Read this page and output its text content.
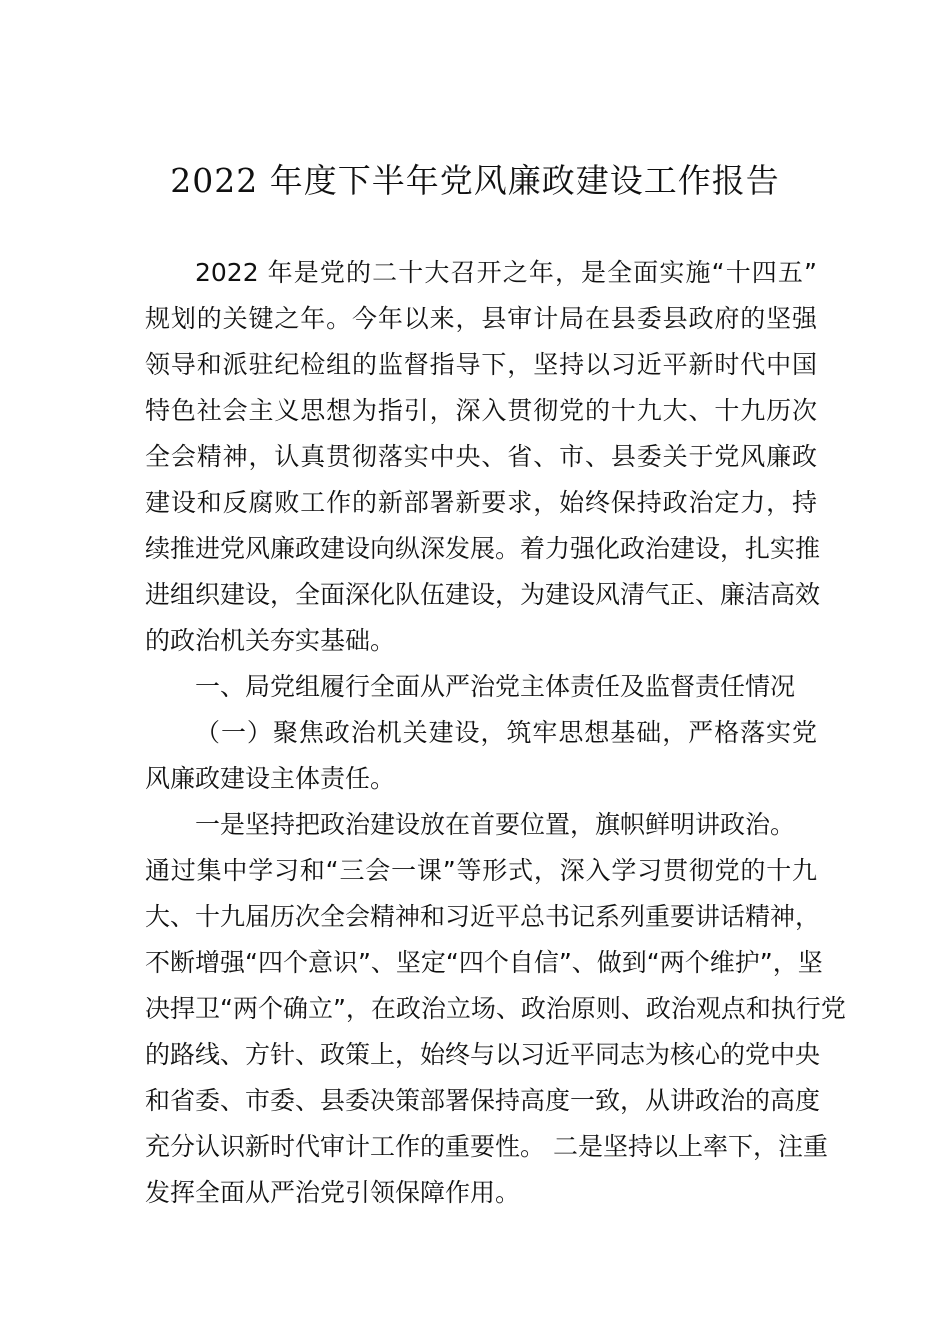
2022 年度下半年党风廉政建设工作报告
2022 年是党的二十大召开之年，是全面实施“十四五”
规划的关键之年。今年以来，县审计局在县委县政府的坚强
领导和派驻纪检组的监督指导下，坚持以习近平新时代中国
特色社会主义思想为指引，深入贯彻党的十九大、十九历次
全会精神，认真贯彻落实中央、省、市、县委关于党风廉政
建设和反腐败工作的新部署新要求，始终保持政治定力，持
续推进党风廉政建设向纵深发展。着力强化政治建设，扎实推
进组织建设，全面深化队伍建设，为建设风清气正、廉洁高效
的政治机关夯实基础。
一、局党组履行全面从严治党主体责任及监督责任情况
（一）聚焦政治机关建设，筑牢思想基础，严格落实党
风廉政建设主体责任。
一是坚持把政治建设放在首要位置，旗帜鲜明讲政治。
通过集中学习和“三会一课”等形式，深入学习贯彻党的十九
大、十九届历次全会精神和习近平总书记系列重要讲话精神，
不断增强“四个意识”、坚定“四个自信”、做到“两个维护”，坚
决捍卫“两个确立”，在政治立场、政治原则、政治观点和执行党
的路线、方针、政策上，始终与以习近平同志为核心的党中央
和省委、市委、县委决策部署保持高度一致，从讲政治的高度
充分认识新时代审计工作的重要性。 二是坚持以上率下，注重
发挥全面从严治党引领保障作用。
